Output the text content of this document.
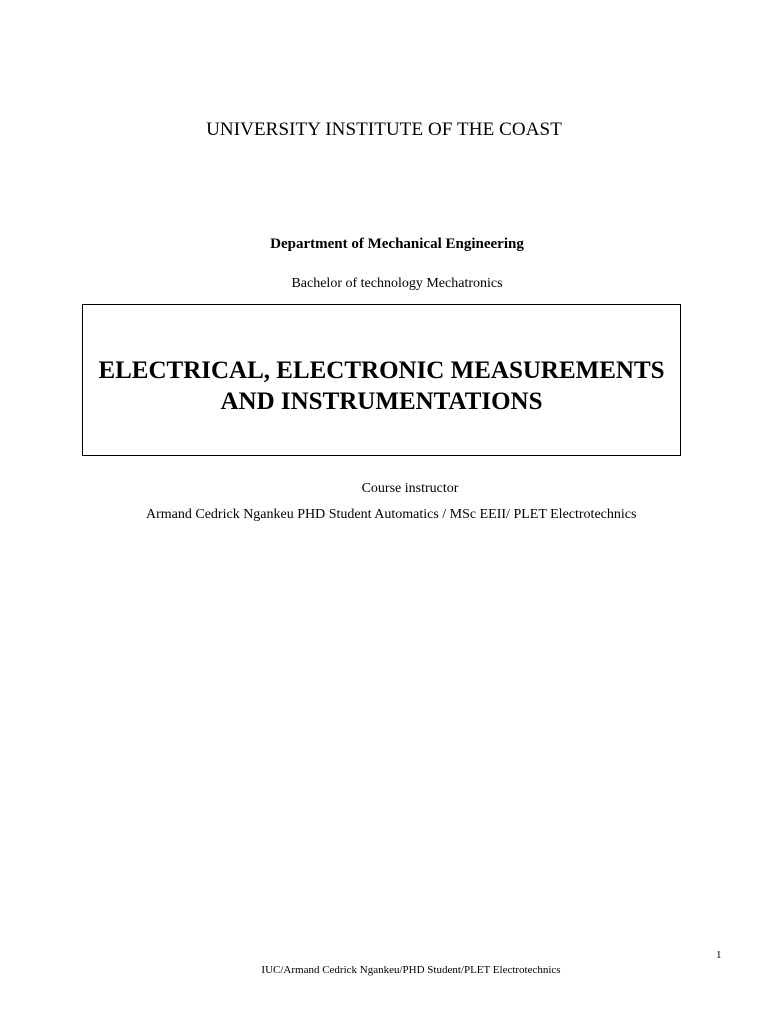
UNIVERSITY INSTITUTE OF THE COAST
Department of Mechanical Engineering
Bachelor of technology Mechatronics
ELECTRICAL, ELECTRONIC MEASUREMENTS
AND INSTRUMENTATIONS
Course instructor
Armand Cedrick Ngankeu PHD Student Automatics / MSc EEII/ PLET Electrotechnics
1
IUC/Armand Cedrick Ngankeu/PHD Student/PLET Electrotechnics
